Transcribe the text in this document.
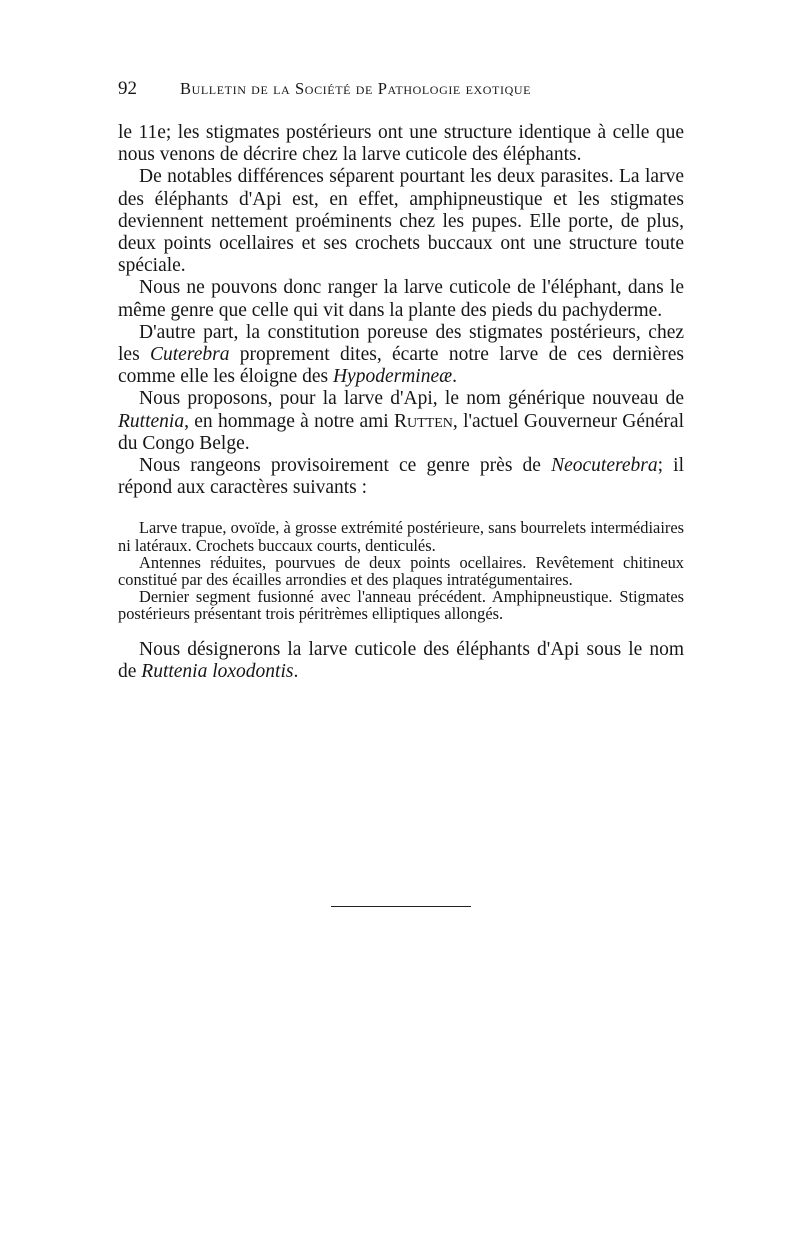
92	Bulletin de la Société de Pathologie exotique

le 11e; les stigmates postérieurs ont une structure identique à celle que nous venons de décrire chez la larve cuticole des éléphants.

De notables différences séparent pourtant les deux parasites. La larve des éléphants d'Api est, en effet, amphipneustique et les stigmates deviennent nettement proéminents chez les pupes. Elle porte, de plus, deux points ocellaires et ses crochets buccaux ont une structure toute spéciale.

Nous ne pouvons donc ranger la larve cuticole de l'éléphant, dans le même genre que celle qui vit dans la plante des pieds du pachyderme.

D'autre part, la constitution poreuse des stigmates postérieurs, chez les Cuterebra proprement dites, écarte notre larve de ces dernières comme elle les éloigne des Hypodermineæ.

Nous proposons, pour la larve d'Api, le nom générique nouveau de Ruttenia, en hommage à notre ami Rutten, l'actuel Gouverneur Général du Congo Belge.

Nous rangeons provisoirement ce genre près de Neocuterebra; il répond aux caractères suivants :

Larve trapue, ovoïde, à grosse extrémité postérieure, sans bourrelets intermédiaires ni latéraux. Crochets buccaux courts, denticulés.

Antennes réduites, pourvues de deux points ocellaires. Revêtement chitineux constitué par des écailles arrondies et des plaques intratégumentaires.

Dernier segment fusionné avec l'anneau précédent. Amphipneustique. Stigmates postérieurs présentant trois péritrèmes elliptiques allongés.

Nous désignerons la larve cuticole des éléphants d'Api sous le nom de Ruttenia loxodontis.
